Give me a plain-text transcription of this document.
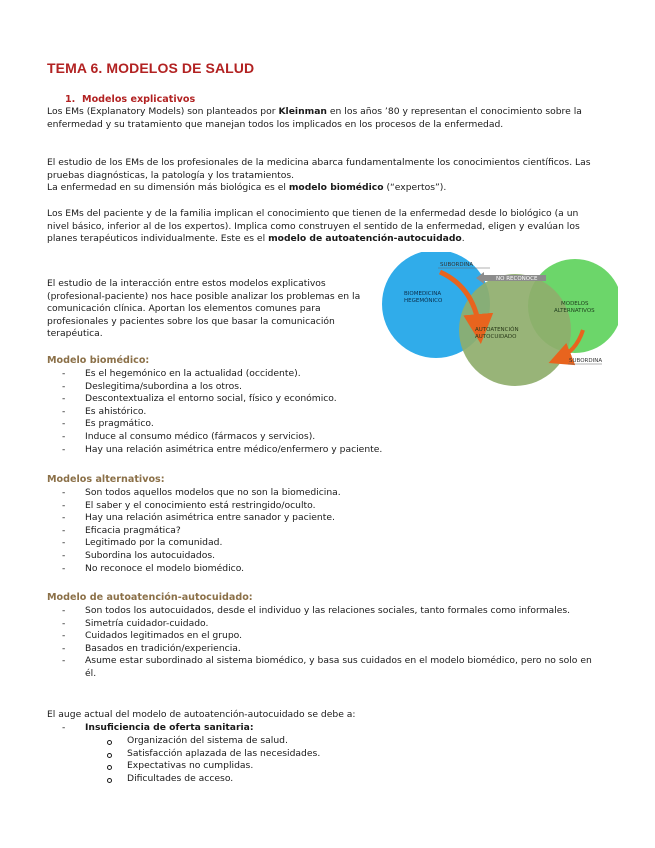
TEMA 6. MODELOS DE SALUD
1. Modelos explicativos

Los EMs (Explanatory Models) son planteados por Kleinman en los años ’80 y representan el conocimiento sobre la enfermedad y su tratamiento que manejan todos los implicados en los procesos de la enfermedad.

El estudio de los EMs de los profesionales de la medicina abarca fundamentalmente los conocimientos científicos. Las pruebas diagnósticas, la patología y los tratamientos.
La enfermedad en su dimensión más biológica es el modelo biomédico (“expertos”).

Los EMs del paciente y de la familia implican el conocimiento que tienen de la enfermedad desde lo biológico (a un nivel básico, inferior al de los expertos). Implica como construyen el sentido de la enfermedad, eligen y evalúan los planes terapéuticos individualmente. Este es el modelo de autoatención-autocuidado.

El estudio de la interacción entre estos modelos explicativos (profesional-paciente) nos hace posible analizar los problemas en la comunicación clínica. Aportan los elementos comunes para profesionales y pacientes sobre los que basar la comunicación terapéutica.

Modelo biomédico:
- Es el hegemónico en la actualidad (occidente).
- Deslegitima/subordina a los otros.
- Descontextualiza el entorno social, físico y económico.
- Es ahistórico.
- Es pragmático.
- Induce al consumo médico (fármacos y servicios).
- Hay una relación asimétrica entre médico/enfermero y paciente.
Modelos alternativos:
- Son todos aquellos modelos que no son la biomedicina.
- El saber y el conocimiento está restringido/oculto.
- Hay una relación asimétrica entre sanador y paciente.
- Eficacia pragmática?
- Legitimado por la comunidad.
- Subordina los autocuidados.
- No reconoce el modelo biomédico.
Modelo de autoatención-autocuidado:
- Son todos los autocuidados, desde el individuo y las relaciones sociales, tanto formales como informales.
- Simetría cuidador-cuidado.
- Cuidados legitimados en el grupo.
- Basados en tradición/experiencia.
- Asume estar subordinado al sistema biomédico, y basa sus cuidados en el modelo biomédico, pero no solo en él.

El auge actual del modelo de autoatención-autocuidado se debe a:

- Insuficiencia de oferta sanitaria:
Organización del sistema de salud.
Satisfacción aplazada de las necesidades.
Expectativas no cumplidas.
Dificultades de acceso.
SUBORDINA
NO RECONOCE
BIOMEDICINA
HEGEMÓNICO	MODELOS
ALTERNATIVOS
AUTOATENCIÓN
AUTOCUIDADO
SUBORDINA
